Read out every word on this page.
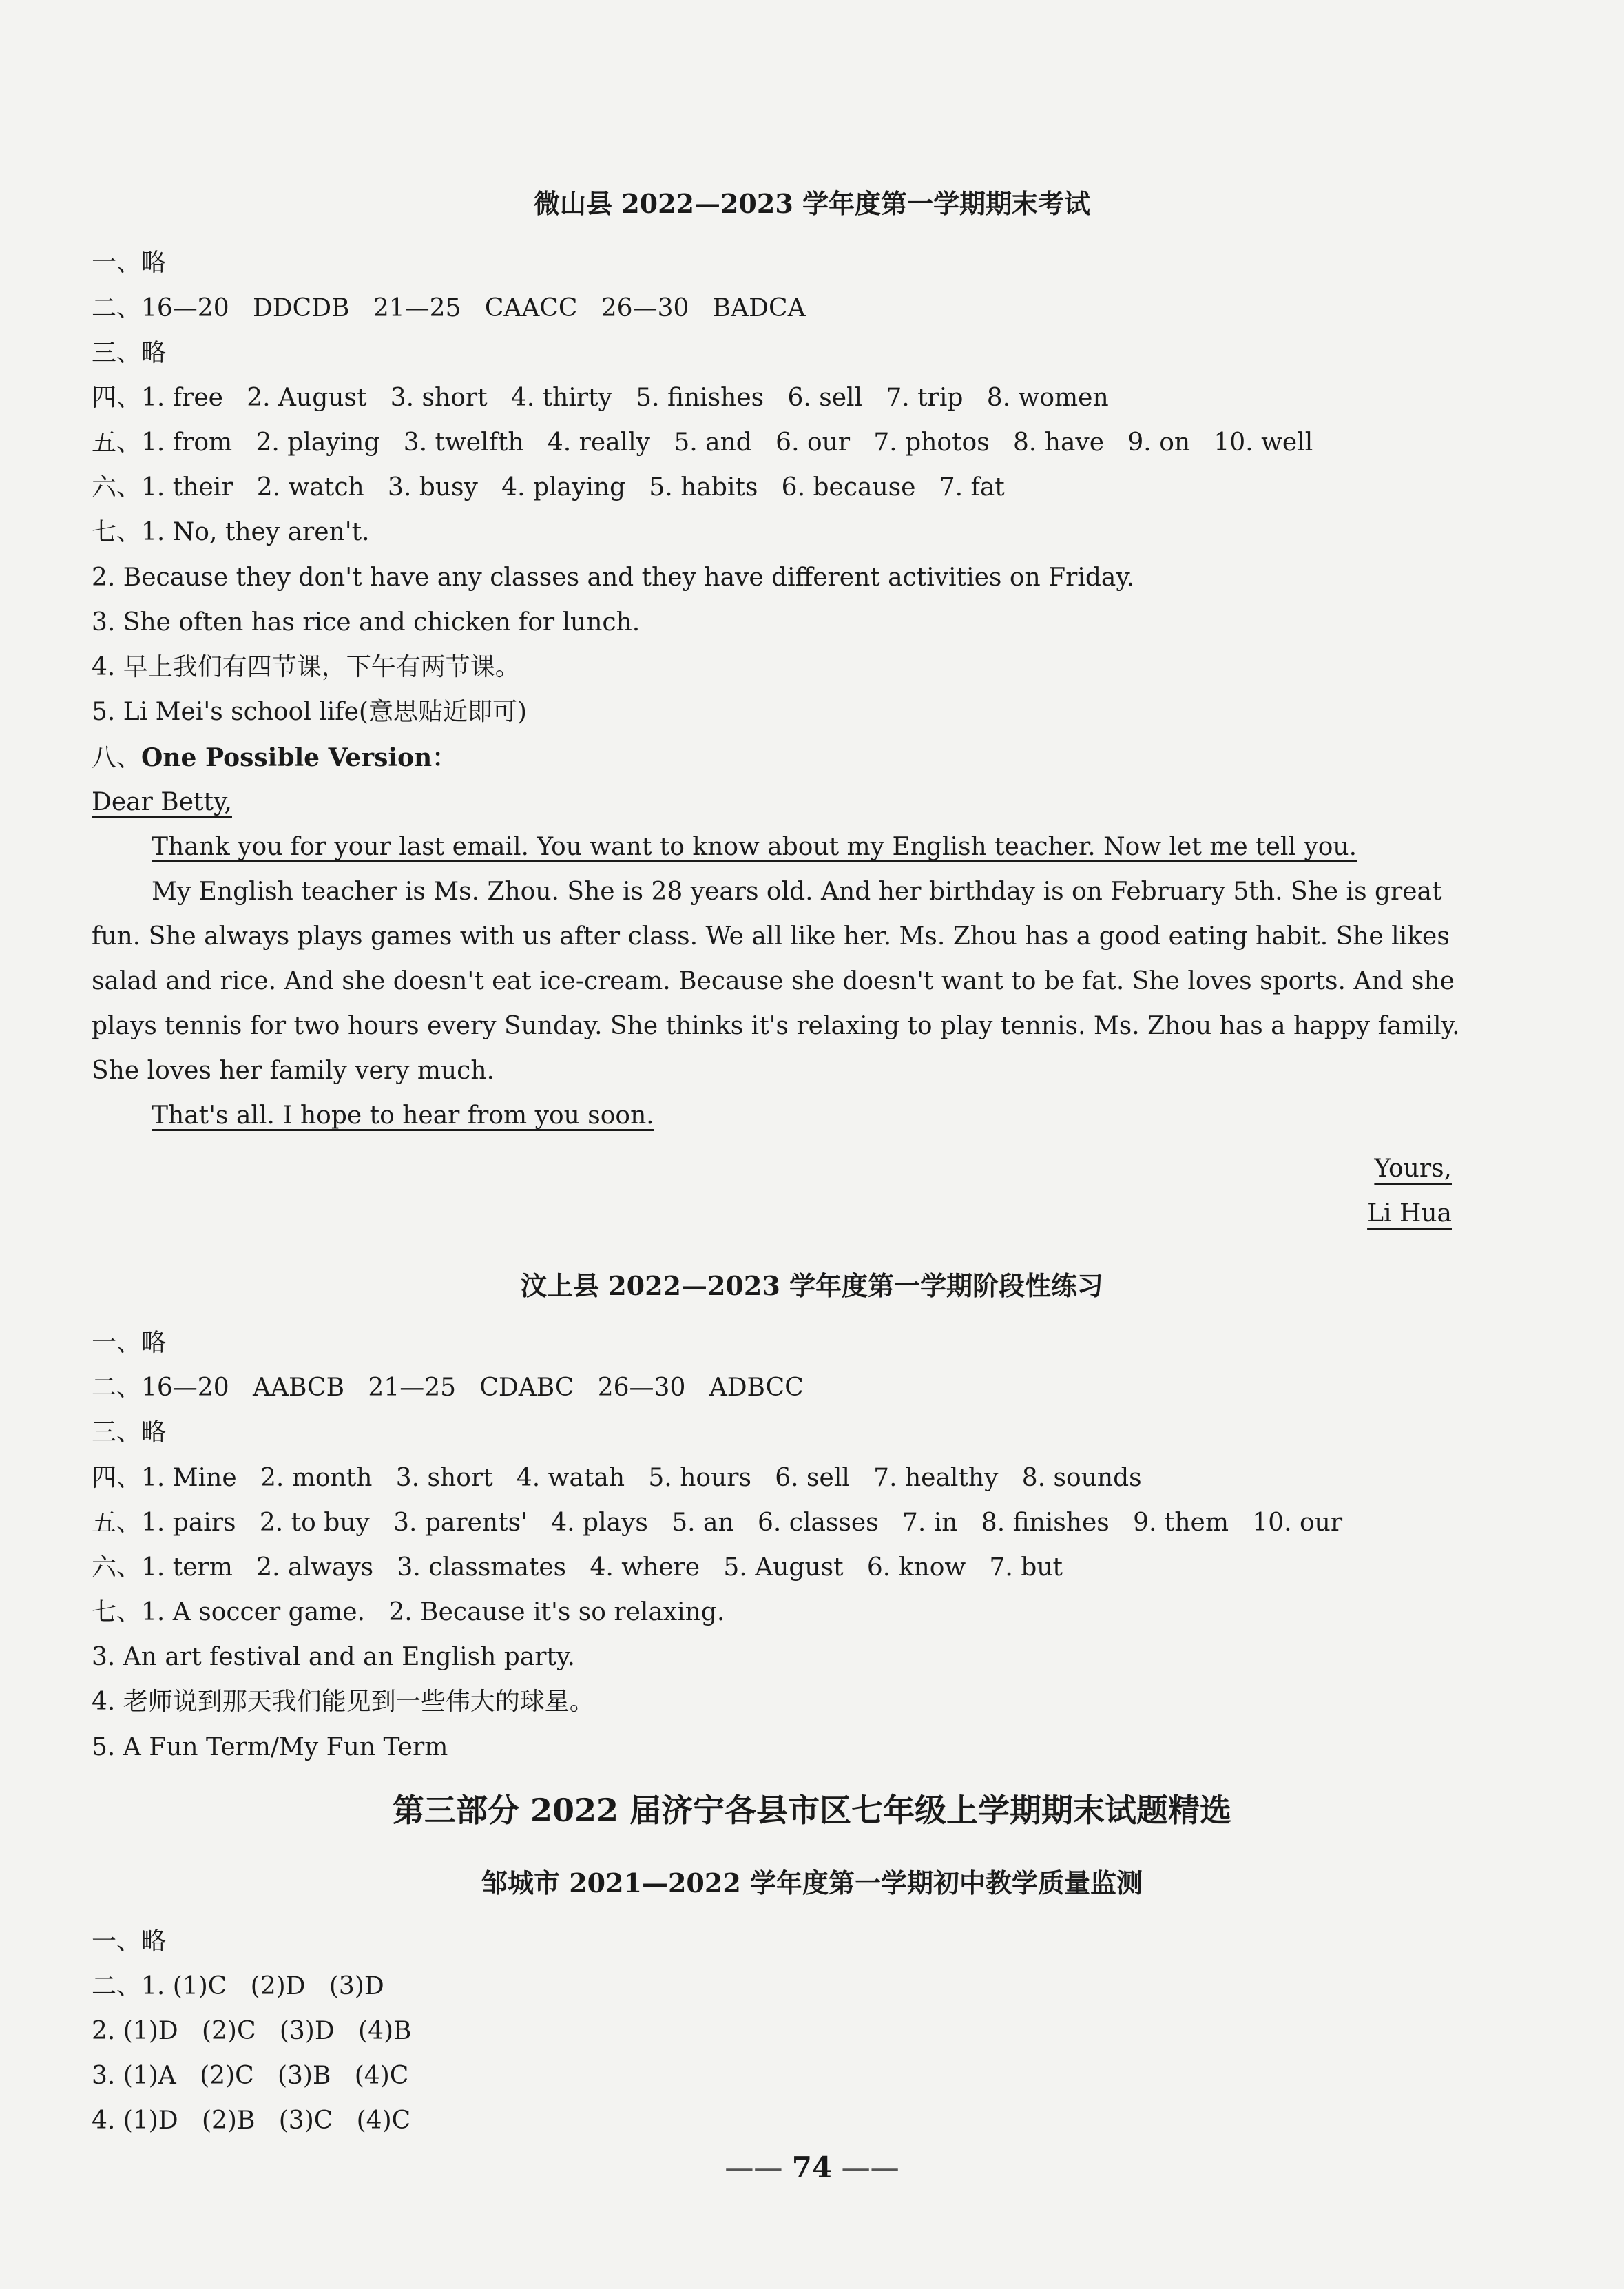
微山县 2022—2023 学年度第一学期期末考试
一、略
二、16—20   DDCDB   21—25   CAACC   26—30   BADCA
三、略
四、1. free   2. August   3. short   4. thirty   5. finishes   6. sell   7. trip   8. women
五、1. from   2. playing   3. twelfth   4. really   5. and   6. our   7. photos   8. have   9. on   10. well
六、1. their   2. watch   3. busy   4. playing   5. habits   6. because   7. fat
七、1. No, they aren't.
2. Because they don't have any classes and they have different activities on Friday.
3. She often has rice and chicken for lunch.
4. 早上我们有四节课，下午有两节课。
5. Li Mei's school life(意思贴近即可)
八、One Possible Version：
Dear Betty,
Thank you for your last email. You want to know about my English teacher. Now let me tell you.
My English teacher is Ms. Zhou. She is 28 years old. And her birthday is on February 5th. She is great
fun. She always plays games with us after class. We all like her. Ms. Zhou has a good eating habit. She likes
salad and rice. And she doesn't eat ice-cream. Because she doesn't want to be fat. She loves sports. And she
plays tennis for two hours every Sunday. She thinks it's relaxing to play tennis. Ms. Zhou has a happy family.
She loves her family very much.
That's all. I hope to hear from you soon.
Yours,
Li Hua
汶上县 2022—2023 学年度第一学期阶段性练习
一、略
二、16—20   AABCB   21—25   CDABC   26—30   ADBCC
三、略
四、1. Mine   2. month   3. short   4. watah   5. hours   6. sell   7. healthy   8. sounds
五、1. pairs   2. to buy   3. parents'   4. plays   5. an   6. classes   7. in   8. finishes   9. them   10. our
六、1. term   2. always   3. classmates   4. where   5. August   6. know   7. but
七、1. A soccer game.   2. Because it's so relaxing.
3. An art festival and an English party.
4. 老师说到那天我们能见到一些伟大的球星。
5. A Fun Term/My Fun Term
第三部分 2022 届济宁各县市区七年级上学期期末试题精选
邹城市 2021—2022 学年度第一学期初中教学质量监测
一、略
二、1. (1)C   (2)D   (3)D
2. (1)D   (2)C   (3)D   (4)B
3. (1)A   (2)C   (3)B   (4)C
4. (1)D   (2)B   (3)C   (4)C
—— 74 ——
